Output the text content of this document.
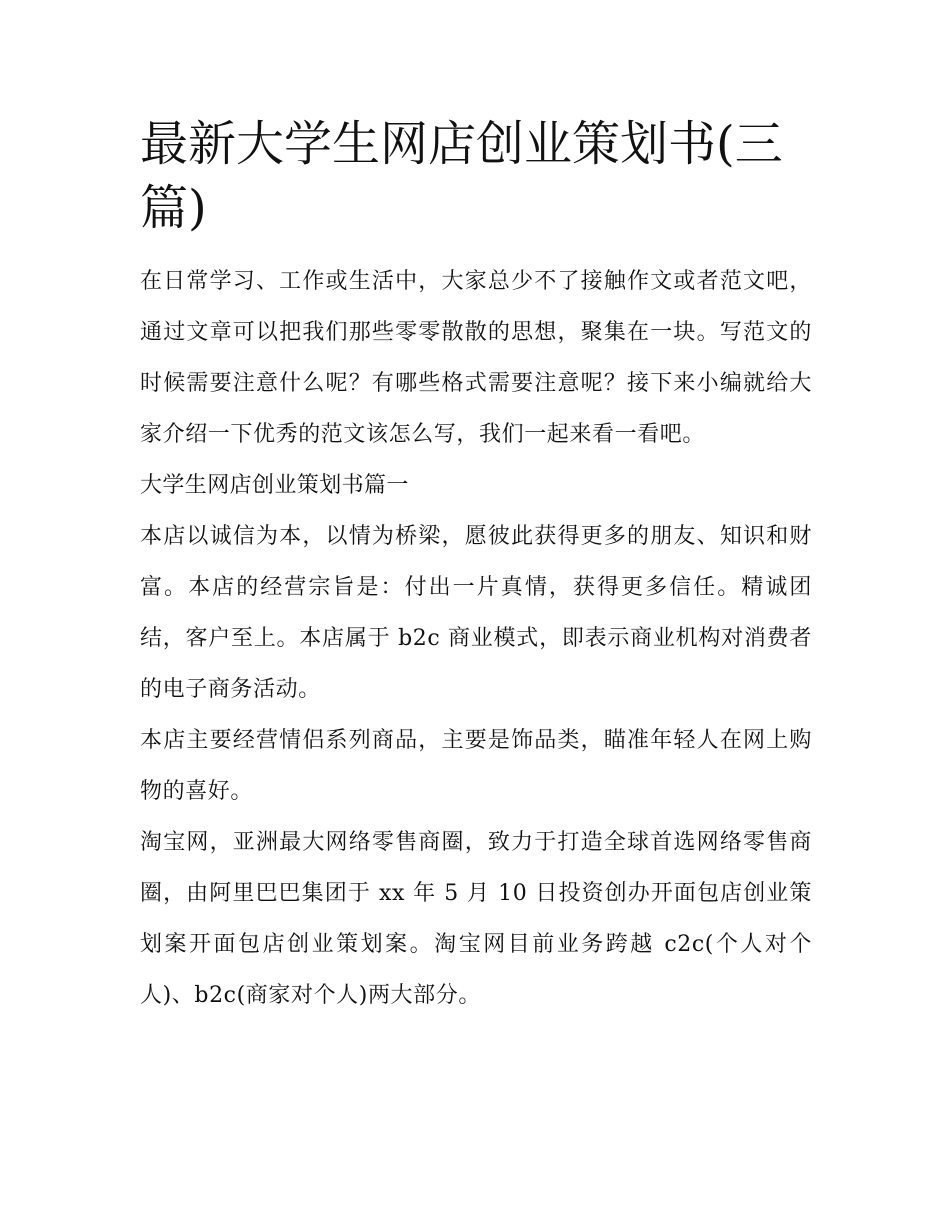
最新大学生网店创业策划书(三篇)

在日常学习、工作或生活中，大家总少不了接触作文或者范文吧，通过文章可以把我们那些零零散散的思想，聚集在一块。写范文的时候需要注意什么呢？有哪些格式需要注意呢？接下来小编就给大家介绍一下优秀的范文该怎么写，我们一起来看一看吧。

大学生网店创业策划书篇一

本店以诚信为本，以情为桥梁，愿彼此获得更多的朋友、知识和财富。本店的经营宗旨是：付出一片真情，获得更多信任。精诚团结，客户至上。本店属于 b2c 商业模式，即表示商业机构对消费者的电子商务活动。

本店主要经营情侣系列商品，主要是饰品类，瞄准年轻人在网上购物的喜好。

淘宝网，亚洲最大网络零售商圈，致力于打造全球首选网络零售商圈，由阿里巴巴集团于 xx 年 5 月 10 日投资创办开面包店创业策划案开面包店创业策划案。淘宝网目前业务跨越 c2c(个人对个人)、b2c(商家对个人)两大部分。
